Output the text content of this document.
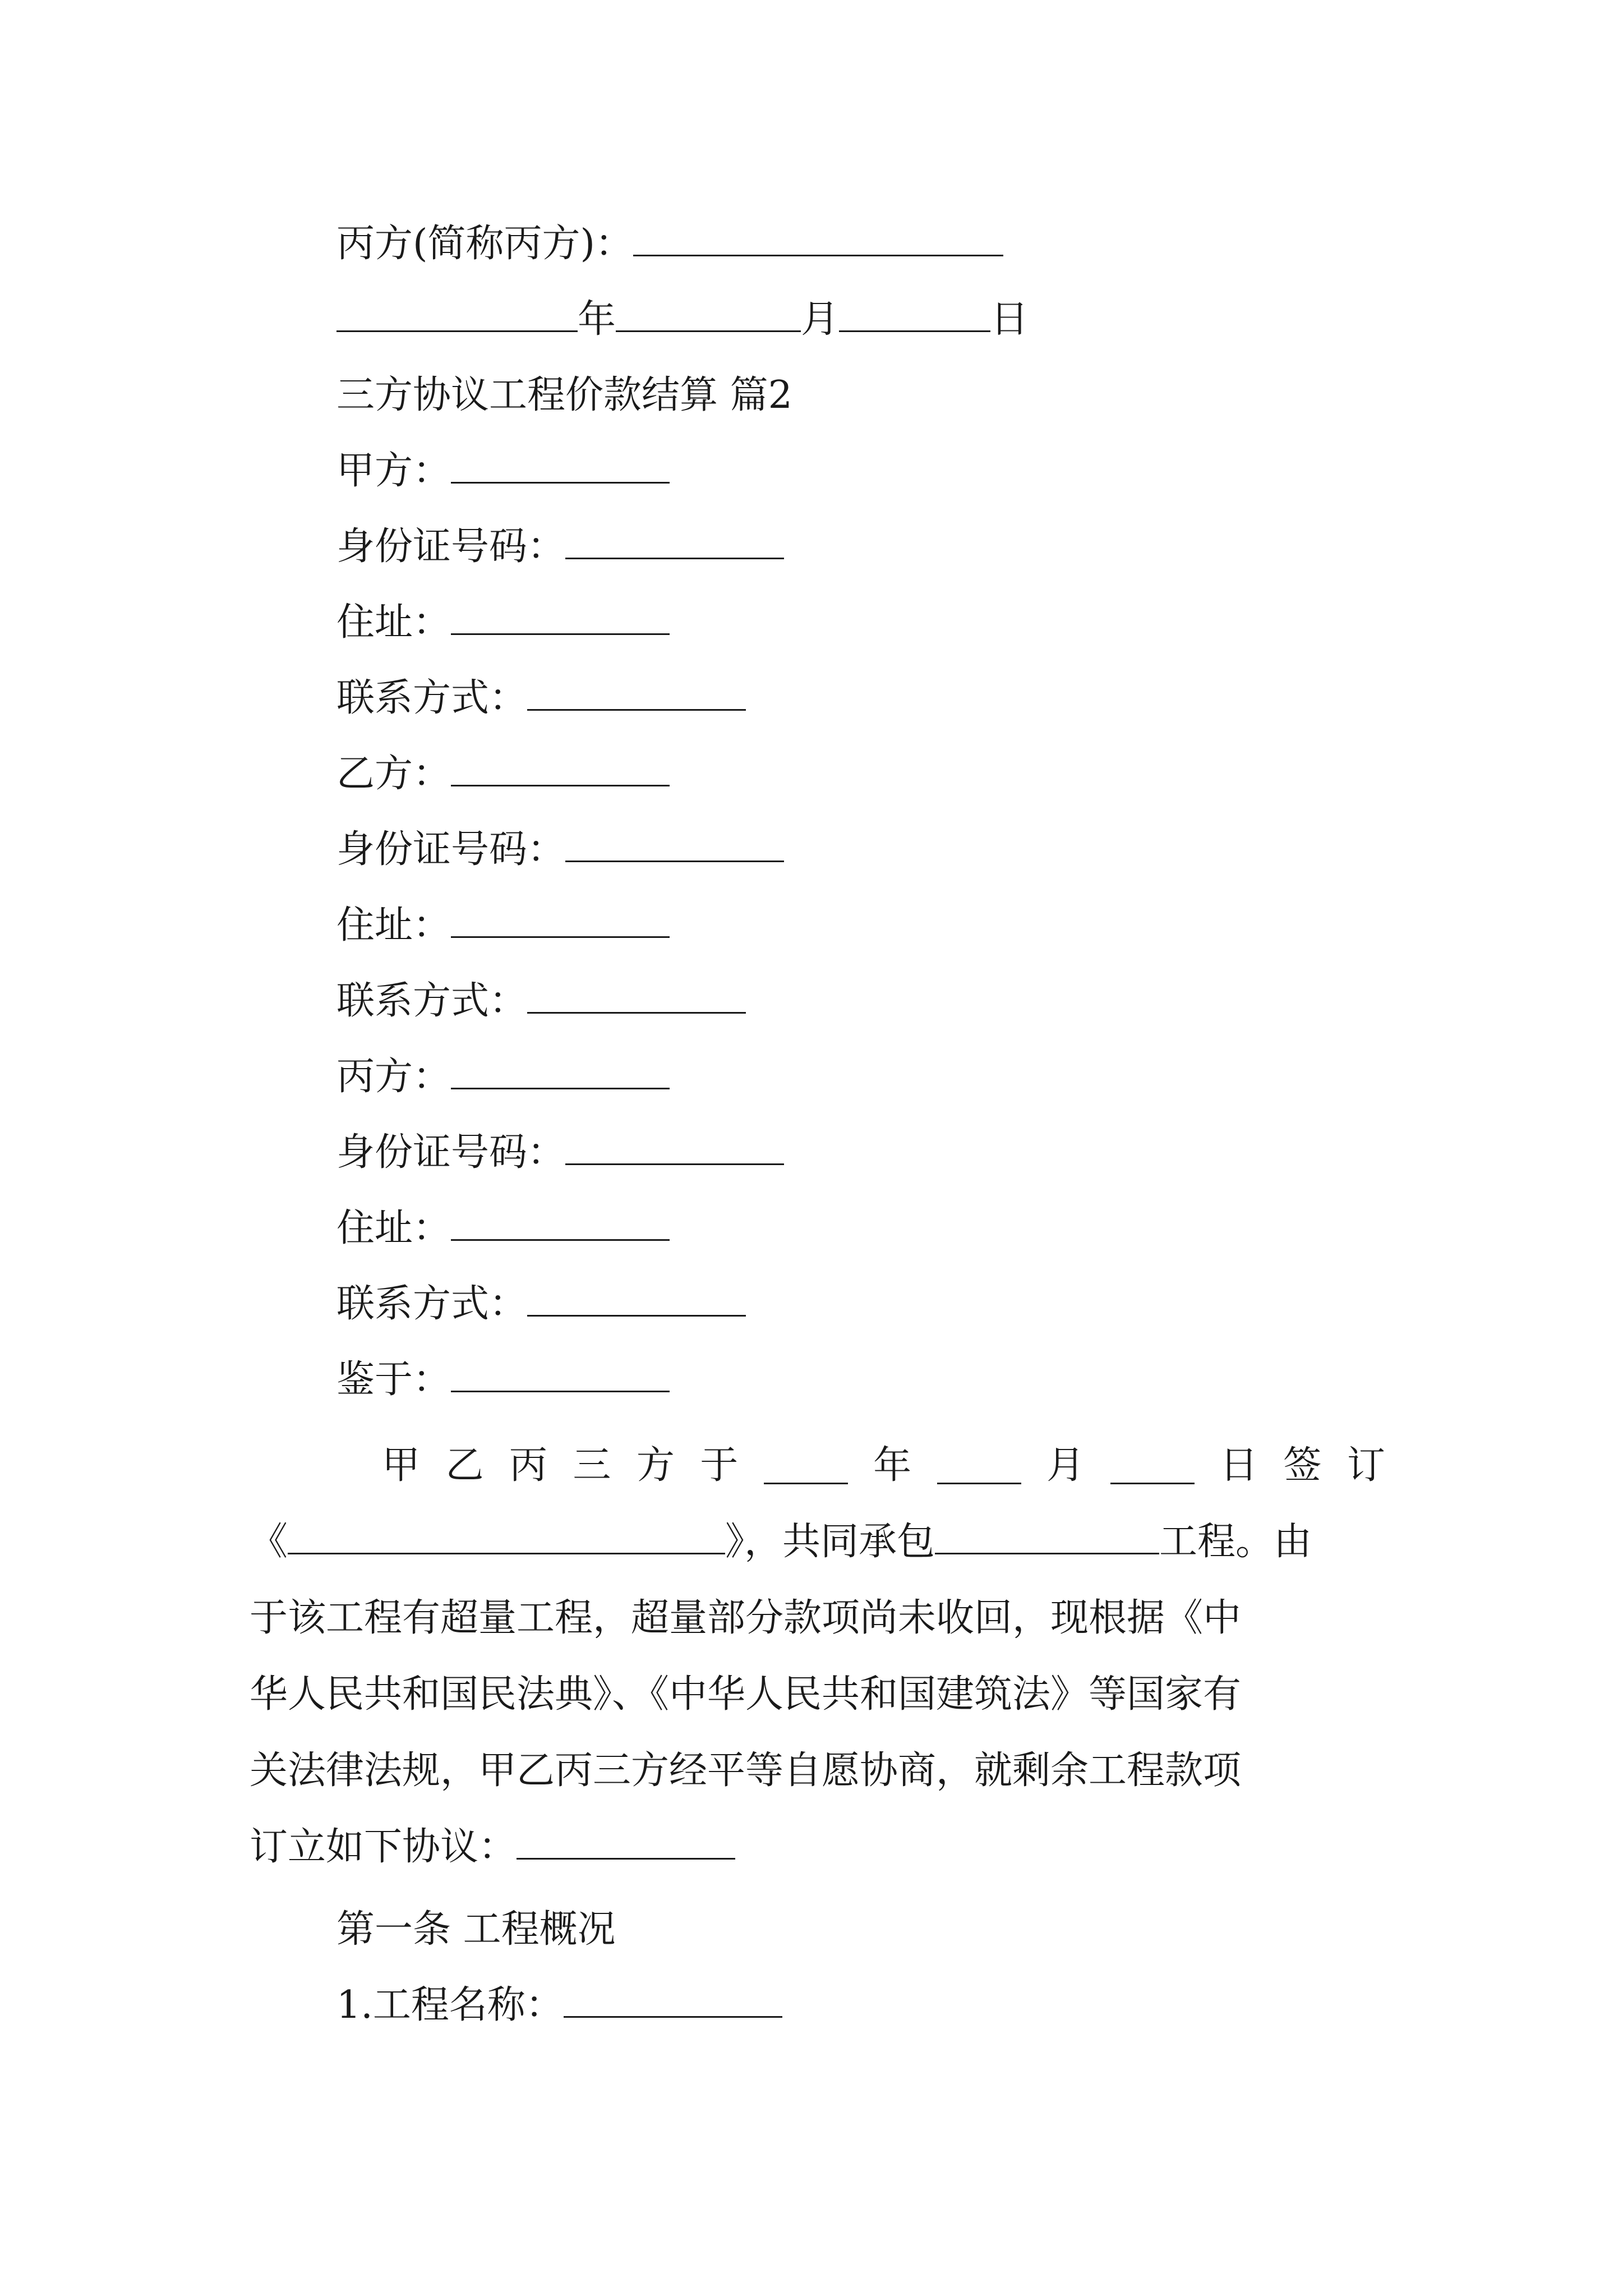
丙方(简称丙方)：
年	月	日
三方协议工程价款结算 篇2
甲方：
身份证号码：
住址：
联系方式：
乙方：
身份证号码：
住址：
联系方式：
丙方：
身份证号码：
住址：
联系方式：
鉴于：
甲 乙 丙 三 方 于	年	月	日 签 订
《	》，共同承包	工程。由
于该工程有超量工程，超量部分款项尚未收回，现根据《中
华人民共和国民法典》、《中华人民共和国建筑法》等国家有
关法律法规，甲乙丙三方经平等自愿协商，就剩余工程款项
订立如下协议：
第一条 工程概况
1.工程名称：
